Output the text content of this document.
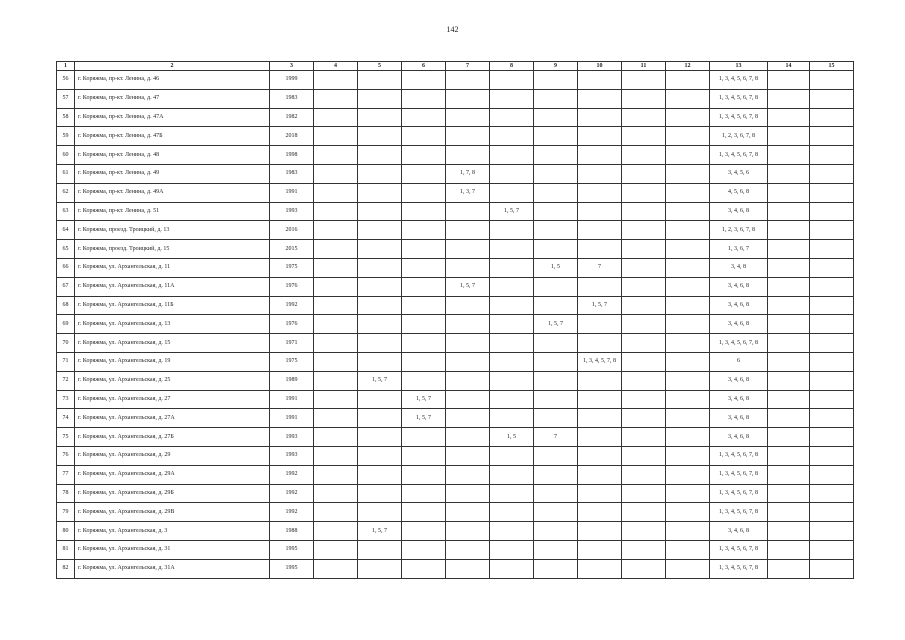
142
1	2	3	4	5	6	7	8	9	10	11	12	13	14	15
56	г. Коряжма, пр-кт. Ленина, д. 46	1999										1, 3, 4, 5, 6, 7, 8		
57	г. Коряжма, пр-кт. Ленина, д. 47	1983										1, 3, 4, 5, 6, 7, 8		
58	г. Коряжма, пр-кт. Ленина, д. 47А	1982										1, 3, 4, 5, 6, 7, 8		
59	г. Коряжма, пр-кт. Ленина, д. 47Б	2018										1, 2, 3, 6, 7, 8		
60	г. Коряжма, пр-кт. Ленина, д. 48	1998										1, 3, 4, 5, 6, 7, 8		
61	г. Коряжма, пр-кт. Ленина, д. 49	1983				1, 7, 8						3, 4, 5, 6		
62	г. Коряжма, пр-кт. Ленина, д. 49А	1991				1, 3, 7						4, 5, 6, 8		
63	г. Коряжма, пр-кт. Ленина, д. 51	1993					1, 5, 7					3, 4, 6, 8		
64	г. Коряжма, проезд. Троицкий, д. 13	2016										1, 2, 3, 6, 7, 8		
65	г. Коряжма, проезд. Троицкий, д. 15	2015										1, 3, 6, 7		
66	г. Коряжма, ул. Архангельская, д. 11	1975						1, 5	7			3, 4, 8		
67	г. Коряжма, ул. Архангельская, д. 11А	1976				1, 5, 7						3, 4, 6, 8		
68	г. Коряжма, ул. Архангельская, д. 11Б	1992							1, 5, 7			3, 4, 6, 8		
69	г. Коряжма, ул. Архангельская, д. 13	1976						1, 5, 7				3, 4, 6, 8		
70	г. Коряжма, ул. Архангельская, д. 15	1971										1, 3, 4, 5, 6, 7, 8		
71	г. Коряжма, ул. Архангельская, д. 19	1975							1, 3, 4, 5, 7, 8			6		
72	г. Коряжма, ул. Архангельская, д. 25	1989		1, 5, 7								3, 4, 6, 8		
73	г. Коряжма, ул. Архангельская, д. 27	1991			1, 5, 7							3, 4, 6, 8		
74	г. Коряжма, ул. Архангельская, д. 27А	1991			1, 5, 7							3, 4, 6, 8		
75	г. Коряжма, ул. Архангельская, д. 27Б	1993					1, 5	7				3, 4, 6, 8		
76	г. Коряжма, ул. Архангельская, д. 29	1993										1, 3, 4, 5, 6, 7, 8		
77	г. Коряжма, ул. Архангельская, д. 29А	1992										1, 3, 4, 5, 6, 7, 8		
78	г. Коряжма, ул. Архангельская, д. 29Б	1992										1, 3, 4, 5, 6, 7, 8		
79	г. Коряжма, ул. Архангельская, д. 29В	1992										1, 3, 4, 5, 6, 7, 8		
80	г. Коряжма, ул. Архангельская, д. 3	1988		1, 5, 7								3, 4, 6, 8		
81	г. Коряжма, ул. Архангельская, д. 31	1995										1, 3, 4, 5, 6, 7, 8		
82	г. Коряжма, ул. Архангельская, д. 31А	1995										1, 3, 4, 5, 6, 7, 8		
